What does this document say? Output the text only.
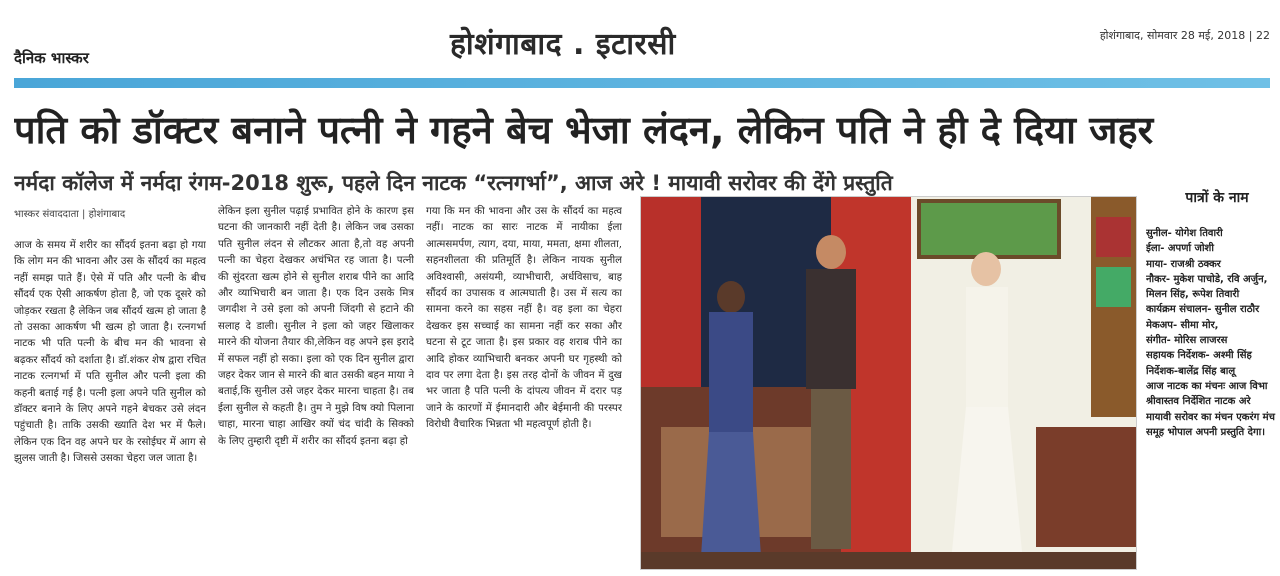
दैनिक भास्कर	होशंगाबाद . इटारसी	होशंगाबाद, सोमवार 28 मई, 2018 | 22
पति को डॉक्टर बनाने पत्नी ने गहने बेच भेजा लंदन, लेकिन पति ने ही दे दिया जहर
नर्मदा कॉलेज में नर्मदा रंगम-2018 शुरू, पहले दिन नाटक “रत्नगर्भा”, आज अरे ! मायावी सरोवर की देंगे प्रस्तुति
भास्कर संवाददाता | होशंगाबाद

आज के समय में शरीर का सौंदर्य इतना बढ़ा हो गया कि लोग मन की भावना और उस के सौंदर्य का महत्व नहीं समझ पाते हैं। ऐसे में पति और पत्नी के बीच सौंदर्य एक ऐसी आकर्षण होता है, जो एक दूसरे को जोड़कर रखता है लेकिन जब सौंदर्य खत्म हो जाता है तो उसका आकर्षण भी खत्म हो जाता है। रत्नगर्भा नाटक भी पति पत्नी के बीच मन की भावना से बढ़कर सौंदर्य को दर्शाता है। डॉ.शंकर शेष द्वारा रचित नाटक रत्नगर्भा में पति सुनील और पत्नी इला की कहनी बताई गई है। पत्नी इला अपने पति सुनील को डॉक्टर बनाने के लिए अपने गहने बेचकर उसे लंदन पहुंचाती है। ताकि उसकी ख्याति देश भर में फैले। लेकिन एक दिन वह अपने घर के रसोईघर में आग से झुलस जाती है। जिससे उसका चेहरा जल जाता है।

लेकिन इला सुनील पढ़ाई प्रभावित होने के कारण इस घटना की जानकारी नहीं देती है। लेकिन जब उसका पति सुनील लंदन से लौटकर आता है,तो वह अपनी पत्नी का चेहरा देखकर अचंभित रह जाता है। पत्नी की सुंदरता खत्म होने से सुनील शराब पीने का आदि और व्याभिचारी बन जाता है। एक दिन उसके मित्र जगदीश ने उसे इला को अपनी जिंदगी से हटाने की सलाह दे डाली। सुनील ने इला को जहर खिलाकर मारने की योजना तैयार की,लेकिन वह अपने इस इरादे में सफल नहीं हो सका। इला को एक दिन सुनील द्वारा जहर देकर जान से मारने की बात उसकी बहन माया ने बताई,कि सुनील उसे जहर देकर मारना चाहता है। तब ईला सुनील से कहती है। तुम ने मुझे विष क्यो पिलाना चाहा, मारना चाहा आखिर क्यों चंद चांदी के सिक्को के लिए तुम्हारी दृष्टी में शरीर का सौंदर्य इतना बढ़ा हो

गया कि मन की भावना और उस के सौंदर्य का महत्व नहीं। नाटक का सारः नाटक में नायीका ईला आत्मसमर्पण, त्याग, दया, माया, ममता, क्षमा शीलता, सहनशीलता की प्रतिमूर्ति है। लेकिन नायक सुनील अविश्वासी, असंयमी, व्याभीचारी, अर्धविसाच, बाह सौंदर्य का उपासक व आत्मघाती है। उस में सत्य का सामना करने का सहस नहीं है। वह इला का चेहरा देखकर इस सच्चाई का सामना नहीं कर सका और घटना से टूट जाता है। इस प्रकार वह शराब पीने का आदि होकर व्याभिचारी बनकर अपनी घर गृहस्थी को दाव पर लगा देता है। इस तरह दोनों के जीवन में दुख भर जाता है पति पत्नी के दांपत्य जीवन में दरार पड़ जाने के कारणों में ईमानदारी और बेईमानी की परस्पर विरोधी वैचारिक भिन्नता भी महत्वपूर्ण होती है।

पात्रों के नाम
सुनील- योगेश तिवारी
ईला- अपर्णा जोशी
माया- राजश्री ठक्कर
नौकर- मुकेश पाचोडे, रवि अर्जुन, मिलन सिंह, रूपेश तिवारी
कार्यक्रम संचालन- सुनील राठौर
मेकअप- सीमा मोर,
संगीत- मोरिस लाजरस
सहायक निर्देशक- अश्मी सिंह
निर्देशक-बालेंद्र सिंह बालू
आज नाटक का मंचनः आज विभा श्रीवास्तव निर्देशित नाटक अरे मायावी सरोवर का मंचन एकरंग मंच समूह भोपाल अपनी प्रस्तुति देगा।
